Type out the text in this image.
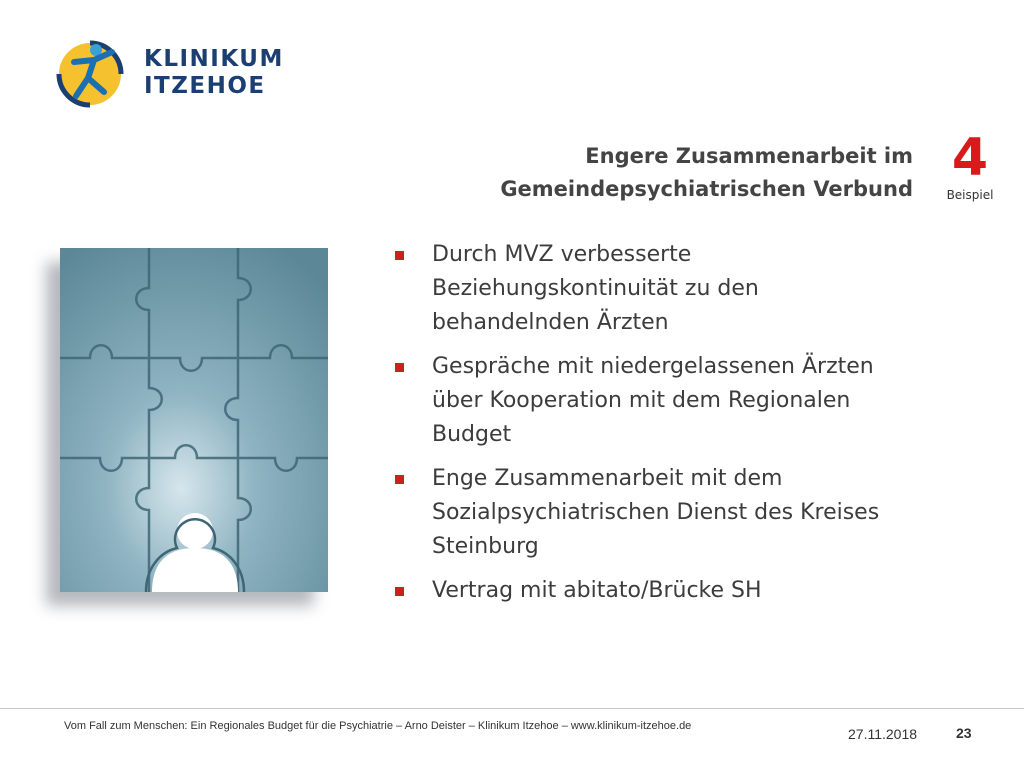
KLINIKUM
ITZEHOE
Engere Zusammenarbeit im
Gemeindepsychiatrischen Verbund
4
Beispiel
Durch MVZ verbesserte
Beziehungskontinuität zu den
behandelnden Ärzten
Gespräche mit niedergelassenen Ärzten
über Kooperation mit dem Regionalen
Budget
Enge Zusammenarbeit mit dem
Sozialpsychiatrischen Dienst des Kreises
Steinburg
Vertrag mit abitato/Brücke SH
Vom Fall zum Menschen: Ein Regionales Budget für die Psychiatrie – Arno Deister – Klinikum Itzehoe – www.klinikum-itzehoe.de	27.11.2018	23
